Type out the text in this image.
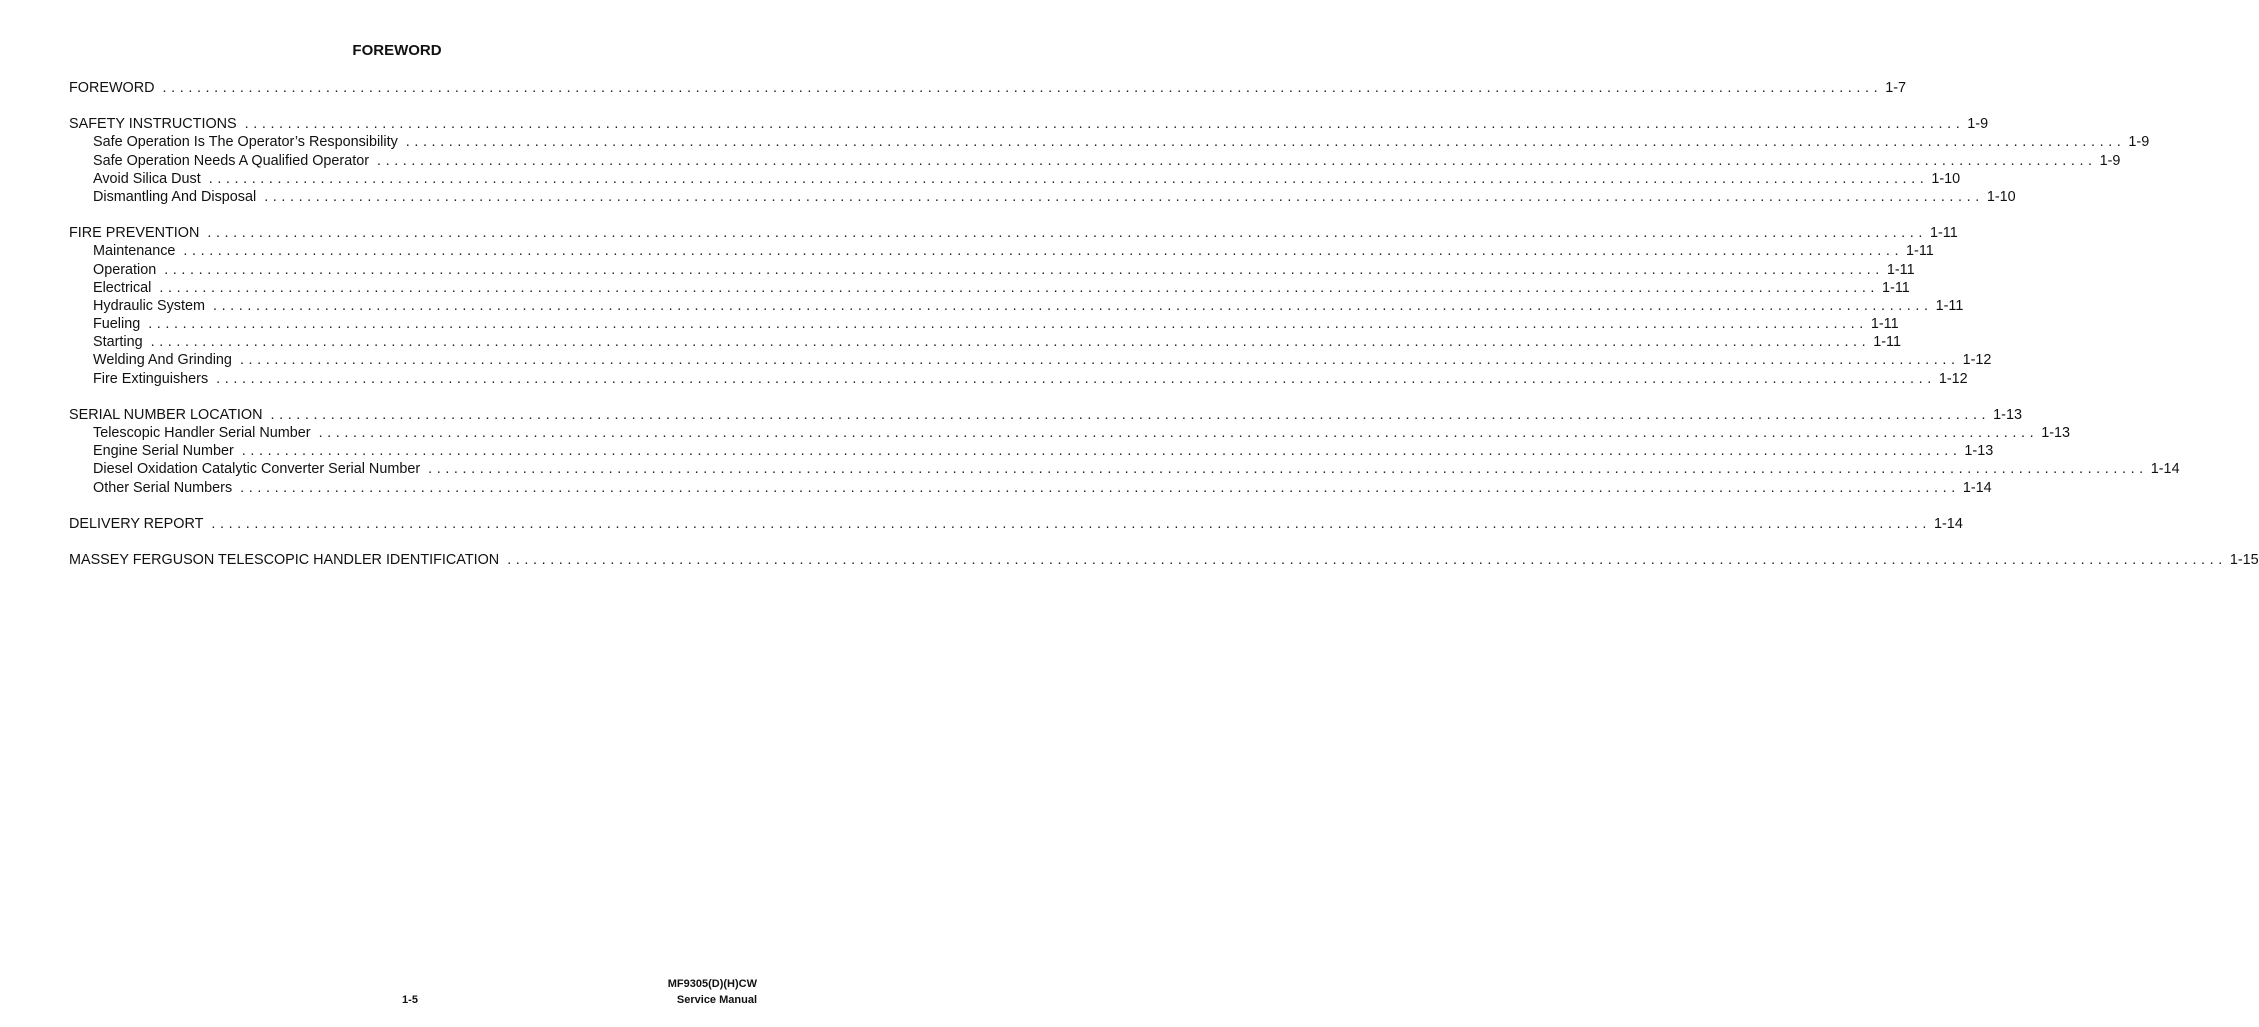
FOREWORD
FOREWORD ........................................................................................................................................................................................................ 1-7
SAFETY INSTRUCTIONS ........................................................................................................................................................................................................ 1-9
Safe Operation Is The Operator’s Responsibility ........................................................................................................................................................................................................ 1-9
Safe Operation Needs A Qualified Operator ........................................................................................................................................................................................................ 1-9
Avoid Silica Dust ........................................................................................................................................................................................................ 1-10
Dismantling And Disposal ........................................................................................................................................................................................................ 1-10
FIRE PREVENTION ........................................................................................................................................................................................................ 1-11
Maintenance ........................................................................................................................................................................................................ 1-11
Operation ........................................................................................................................................................................................................ 1-11
Electrical ........................................................................................................................................................................................................ 1-11
Hydraulic System ........................................................................................................................................................................................................ 1-11
Fueling ........................................................................................................................................................................................................ 1-11
Starting ........................................................................................................................................................................................................ 1-11
Welding And Grinding ........................................................................................................................................................................................................ 1-12
Fire Extinguishers ........................................................................................................................................................................................................ 1-12
SERIAL NUMBER LOCATION ........................................................................................................................................................................................................ 1-13
Telescopic Handler Serial Number ........................................................................................................................................................................................................ 1-13
Engine Serial Number ........................................................................................................................................................................................................ 1-13
Diesel Oxidation Catalytic Converter Serial Number ........................................................................................................................................................................................................ 1-14
Other Serial Numbers ........................................................................................................................................................................................................ 1-14
DELIVERY REPORT ........................................................................................................................................................................................................ 1-14
MASSEY FERGUSON TELESCOPIC HANDLER IDENTIFICATION ........................................................................................................................................................................................................ 1-15
MF9305(D)(H)CW
1-5	Service Manual
